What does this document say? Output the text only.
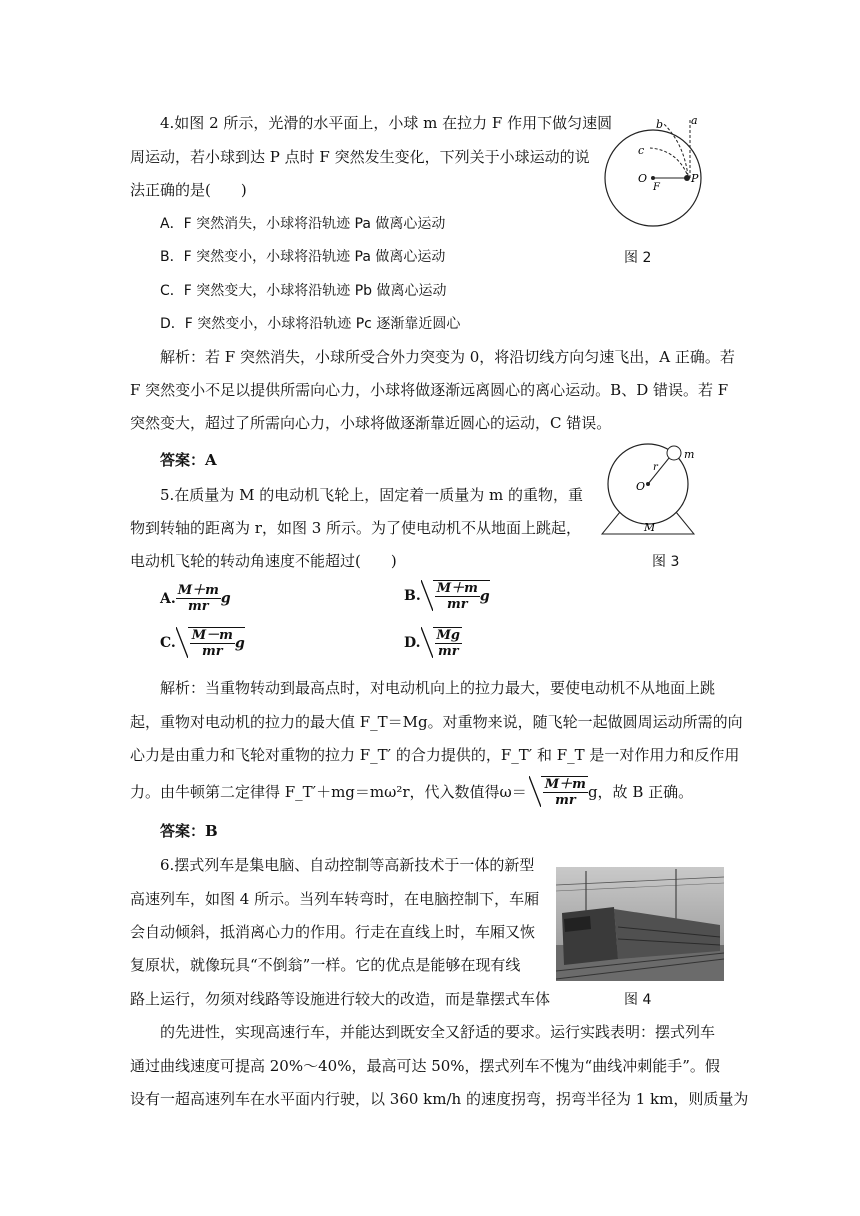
4.如图 2 所示，光滑的水平面上，小球 m 在拉力 F 作用下做匀速圆
周运动，若小球到达 P 点时 F 突然发生变化，下列关于小球运动的说
法正确的是(　　)
A．F 突然消失，小球将沿轨迹 Pa 做离心运动
B．F 突然变小，小球将沿轨迹 Pa 做离心运动
C．F 突然变大，小球将沿轨迹 Pb 做离心运动
D．F 突然变小，小球将沿轨迹 Pc 逐渐靠近圆心
a
b
c
O
F
P
图 2
解析：若 F 突然消失，小球所受合外力突变为 0，将沿切线方向匀速飞出，A 正确。若
F 突然变小不足以提供所需向心力，小球将做逐渐远离圆心的离心运动。B、D 错误。若 F
突然变大，超过了所需向心力，小球将做逐渐靠近圆心的运动，C 错误。
答案：A
5.在质量为 M 的电动机飞轮上，固定着一质量为 m 的重物，重
物到转轴的距离为 r，如图 3 所示。为了使电动机不从地面上跳起，
电动机飞轮的转动角速度不能超过(　　)
m
r
O
M
图 3
A. $\frac{M+m}{mr}$ g	B. $\frac{M+m}{mr}$ g
C. $\frac{M-m}{mr}$ g	D. $\frac{Mg}{mr}$
解析：当重物转动到最高点时，对电动机向上的拉力最大，要使电动机不从地面上跳
起，重物对电动机的拉力的最大值 F_T＝Mg。对重物来说，随飞轮一起做圆周运动所需的向
心力是由重力和飞轮对重物的拉力 F_T′ 的合力提供的，F_T′ 和 F_T 是一对作用力和反作用
力。由牛顿第二定律得 F_T′＋mg＝mω²r，代入数值得$\omega= \frac{M+m}{mr}$ g，故 B 正确。
答案：B
6.摆式列车是集电脑、自动控制等高新技术于一体的新型
高速列车，如图 4 所示。当列车转弯时，在电脑控制下，车厢
会自动倾斜，抵消离心力的作用。行走在直线上时，车厢又恢
复原状，就像玩具“不倒翁”一样。它的优点是能够在现有线
路上运行，勿须对线路等设施进行较大的改造，而是靠摆式车体	图 4
的先进性，实现高速行车，并能达到既安全又舒适的要求。运行实践表明：摆式列车
通过曲线速度可提高 20%～40%，最高可达 50%，摆式列车不愧为“曲线冲刺能手”。假
设有一超高速列车在水平面内行驶，以 360 km/h 的速度拐弯，拐弯半径为 1 km，则质量为
